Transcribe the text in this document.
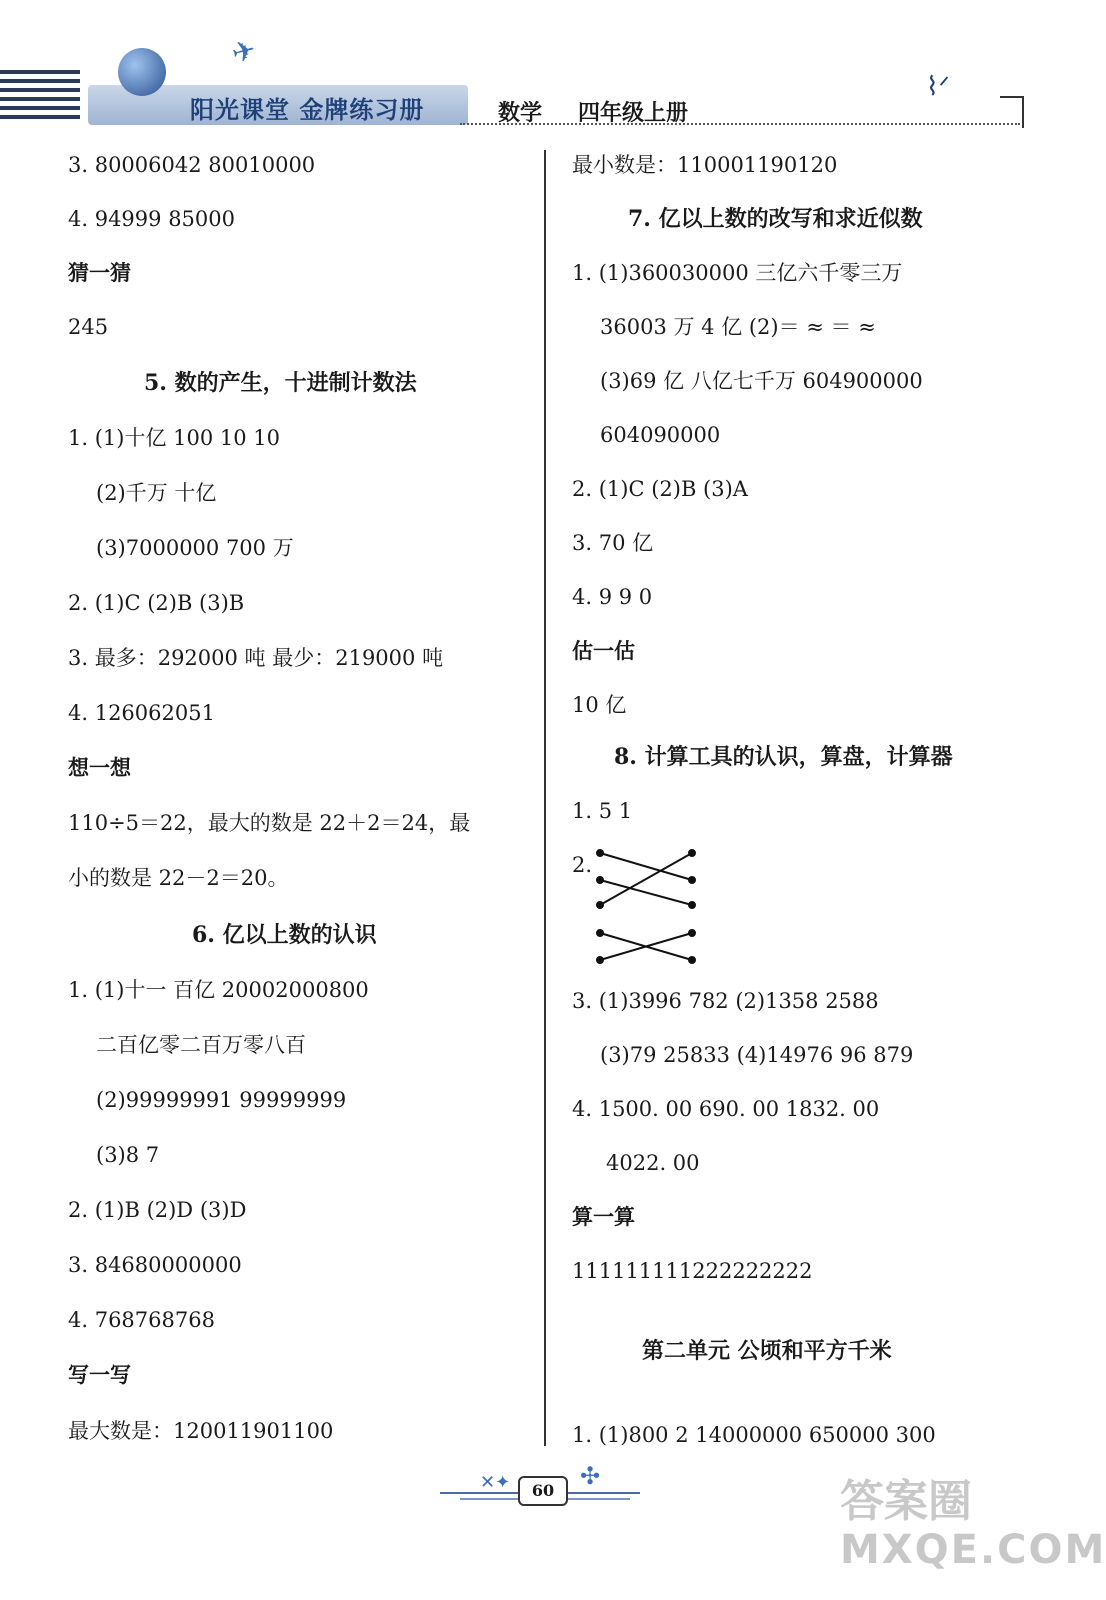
✈
阳光课堂 金牌练习册	数学 四年级上册
⌇ᐟ
3. 80006042 80010000
4. 94999 85000
猜一猜
245
5. 数的产生，十进制计数法
1. (1)十亿 100 10 10
(2)千万 十亿
(3)7000000 700 万
2. (1)C (2)B (3)B
3. 最多：292000 吨 最少：219000 吨
4. 126062051
想一想
110÷5＝22，最大的数是 22＋2＝24，最
小的数是 22－2＝20。
6. 亿以上数的认识
1. (1)十一 百亿 20002000800
二百亿零二百万零八百
(2)99999991 99999999
(3)8 7
2. (1)B (2)D (3)D
3. 84680000000
4. 768768768
写一写
最大数是：120011901100
最小数是：110001190120
7. 亿以上数的改写和求近似数
1. (1)360030000 三亿六千零三万
36003 万 4 亿 (2)＝ ≈ ＝ ≈
(3)69 亿 八亿七千万 604900000
604090000
2. (1)C (2)B (3)A
3. 70 亿
4. 9 9 0
估一估
10 亿
8. 计算工具的认识，算盘，计算器
1. 5 1
2.
3. (1)3996 782 (2)1358 2588
(3)79 25833 (4)14976 96 879
4. 1500. 00 690. 00 1832. 00
4022. 00
算一算
111111111222222222
第二单元 公顷和平方千米
1. (1)800 2 14000000 650000 300
✕✦	60
✣	答案圈
MXQE.COM
